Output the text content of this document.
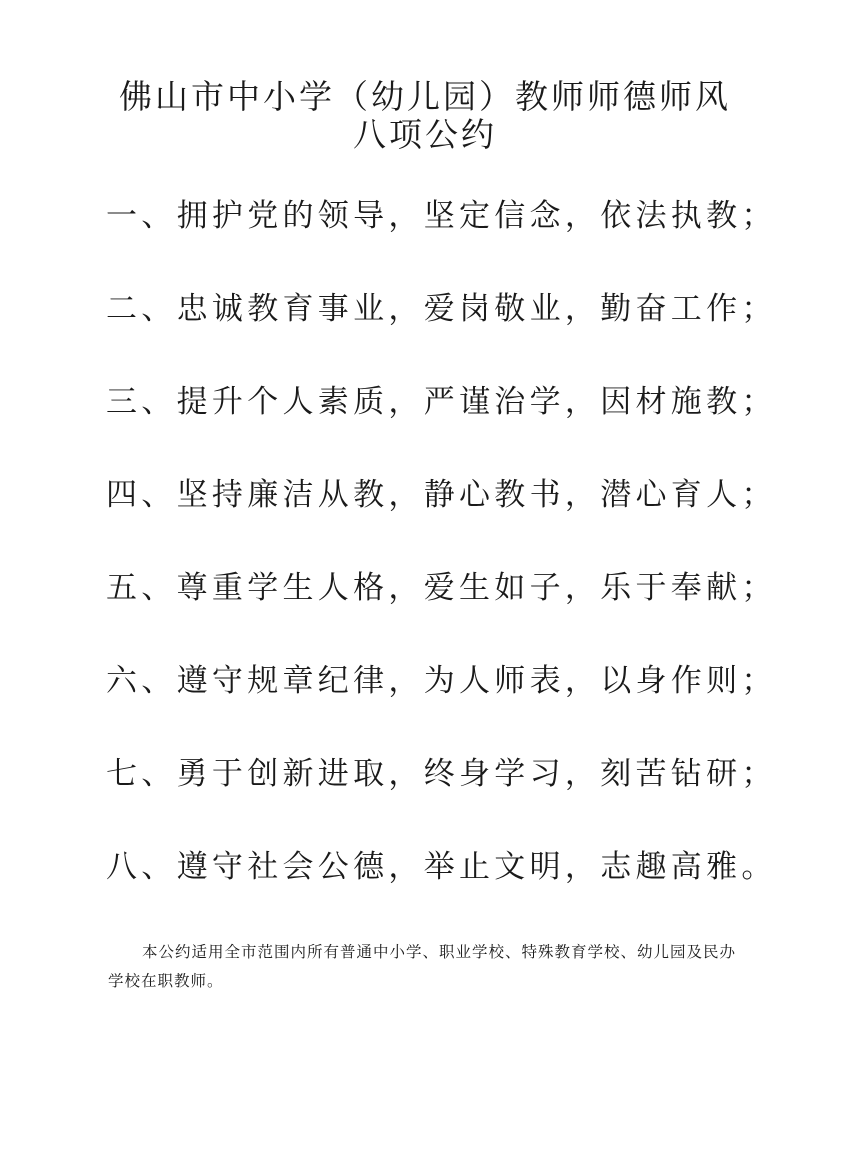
佛山市中小学（幼儿园）教师师德师风
八项公约
一、拥护党的领导，坚定信念，依法执教；
二、忠诚教育事业，爱岗敬业，勤奋工作；
三、提升个人素质，严谨治学，因材施教；
四、坚持廉洁从教，静心教书，潜心育人；
五、尊重学生人格，爱生如子，乐于奉献；
六、遵守规章纪律，为人师表，以身作则；
七、勇于创新进取，终身学习，刻苦钻研；
八、遵守社会公德，举止文明，志趣高雅。

本公约适用全市范围内所有普通中小学、职业学校、特殊教育学校、幼儿园及民办学校在职教师。
